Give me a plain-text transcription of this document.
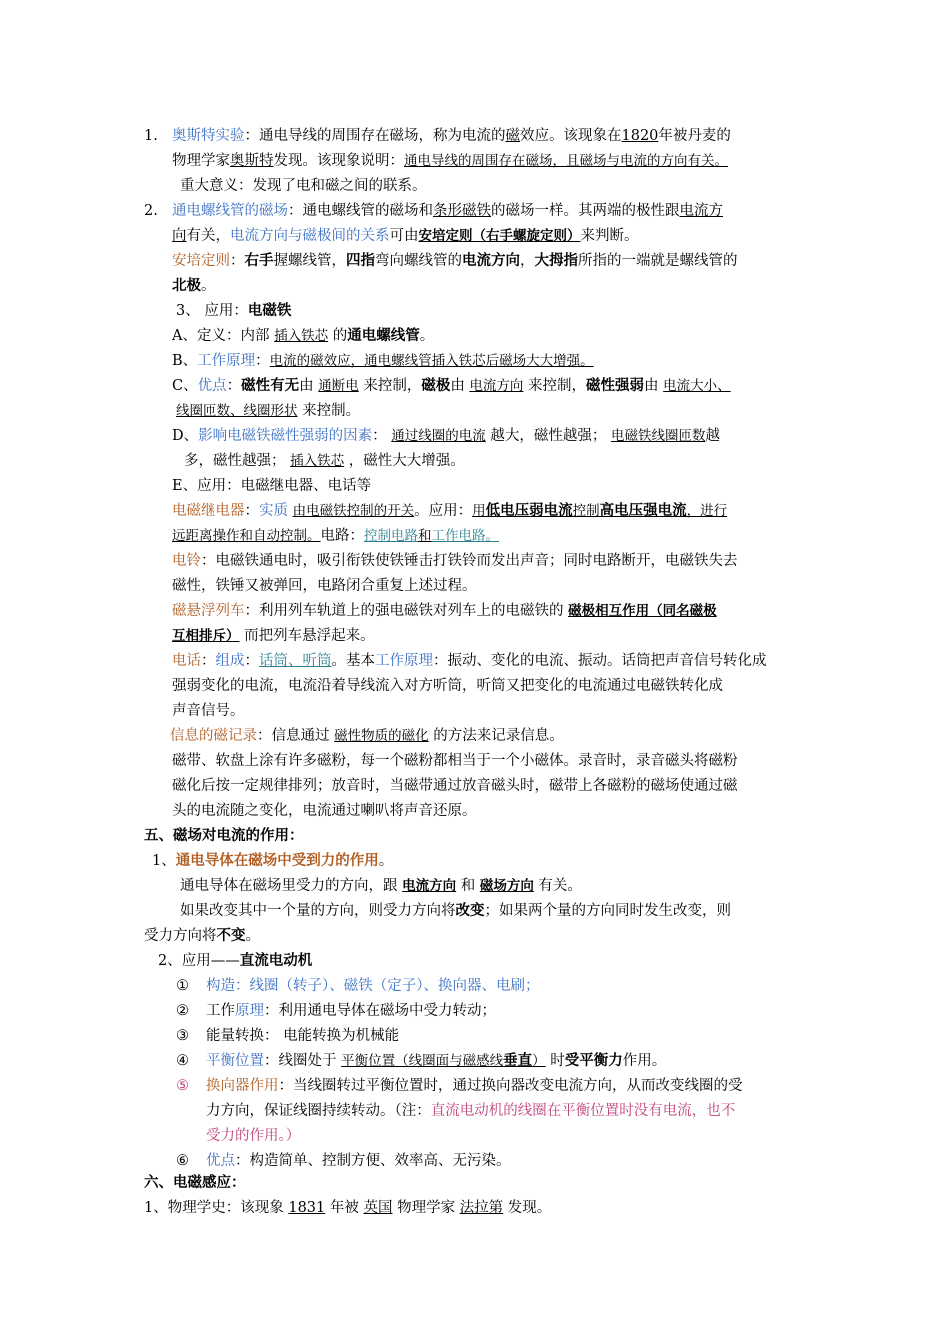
1. 奥斯特实验：通电导线的周围存在磁场，称为电流的磁效应。该现象在1820年被丹麦的
物理学家奥斯特发现。该现象说明：通电导线的周围存在磁场，且磁场与电流的方向有关。
重大意义：发现了电和磁之间的联系。
2. 通电螺线管的磁场：通电螺线管的磁场和条形磁铁的磁场一样。其两端的极性跟电流方
向有关，电流方向与磁极间的关系可由安培定则（右手螺旋定则）来判断。
安培定则：右手握螺线管，四指弯向螺线管的电流方向，大拇指所指的一端就是螺线管的
北极。
3、 应用：电磁铁
A、定义：内部 插入铁芯 的通电螺线管。
B、工作原理：电流的磁效应，通电螺线管插入铁芯后磁场大大增强。
C、优点：磁性有无由 通断电 来控制，磁极由 电流方向 来控制，磁性强弱由 电流大小、
线圈匝数、线圈形状 来控制。
D、影响电磁铁磁性强弱的因素： 通过线圈的电流 越大，磁性越强； 电磁铁线圈匝数越
多，磁性越强； 插入铁芯 ，磁性大大增强。
E、应用：电磁继电器、电话等
电磁继电器：实质 由电磁铁控制的开关。应用：用低电压弱电流控制高电压强电流，进行
远距离操作和自动控制。电路：控制电路和工作电路。
电铃：电磁铁通电时，吸引衔铁使铁锤击打铁铃而发出声音；同时电路断开，电磁铁失去
磁性，铁锤又被弹回，电路闭合重复上述过程。
磁悬浮列车：利用列车轨道上的强电磁铁对列车上的电磁铁的 磁极相互作用（同名磁极
互相排斥） 而把列车悬浮起来。
电话：组成：话筒、听筒。基本工作原理：振动、变化的电流、振动。话筒把声音信号转化成
强弱变化的电流，电流沿着导线流入对方听筒，听筒又把变化的电流通过电磁铁转化成
声音信号。
信息的磁记录：信息通过 磁性物质的磁化 的方法来记录信息。
磁带、软盘上涂有许多磁粉，每一个磁粉都相当于一个小磁体。录音时，录音磁头将磁粉
磁化后按一定规律排列；放音时，当磁带通过放音磁头时，磁带上各磁粉的磁场使通过磁
头的电流随之变化，电流通过喇叭将声音还原。
五、磁场对电流的作用：
1、通电导体在磁场中受到力的作用。
通电导体在磁场里受力的方向，跟 电流方向 和 磁场方向 有关。
如果改变其中一个量的方向，则受力方向将改变；如果两个量的方向同时发生改变，则
受力方向将不变。
2、应用——直流电动机
① 构造：线圈（转子）、磁铁（定子）、换向器、电刷；
② 工作原理：利用通电导体在磁场中受力转动；
③ 能量转换： 电能转换为机械能
④ 平衡位置：线圈处于 平衡位置（线圈面与磁感线垂直） 时受平衡力作用。
⑤ 换向器作用：当线圈转过平衡位置时，通过换向器改变电流方向，从而改变线圈的受
力方向，保证线圈持续转动。（注：直流电动机的线圈在平衡位置时没有电流，也不
受力的作用。）
⑥ 优点：构造简单、控制方便、效率高、无污染。
六、电磁感应：
1、物理学史：该现象 1831 年被 英国 物理学家 法拉第 发现。
